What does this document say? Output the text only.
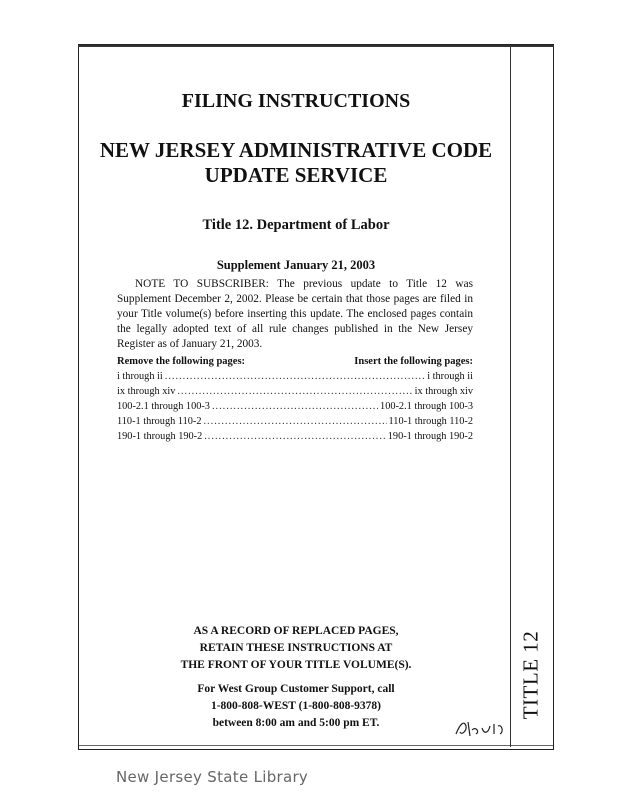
TITLE 12
FILING INSTRUCTIONS
NEW JERSEY ADMINISTRATIVE CODE
UPDATE SERVICE
Title 12. Department of Labor
Supplement January 21, 2003
NOTE TO SUBSCRIBER: The previous update to Title 12 was Supplement December 2, 2002. Please be certain that those pages are filed in your Title volume(s) before inserting this update. The enclosed pages contain the legally adopted text of all rule changes published in the New Jersey Register as of January 21, 2003.
Remove the following pages:	Insert the following pages:
i through ii .....	i through ii
ix through xiv .....	ix through xiv
100-2.1 through 100-3 .....	100-2.1 through 100-3
110-1 through 110-2 .....	110-1 through 110-2
190-1 through 190-2 .....	190-1 through 190-2
AS A RECORD OF REPLACED PAGES,
RETAIN THESE INSTRUCTIONS AT
THE FRONT OF YOUR TITLE VOLUME(S).
For West Group Customer Support, call
1-800-808-WEST (1-800-808-9378)
between 8:00 am and 5:00 pm ET.
New Jersey State Library
